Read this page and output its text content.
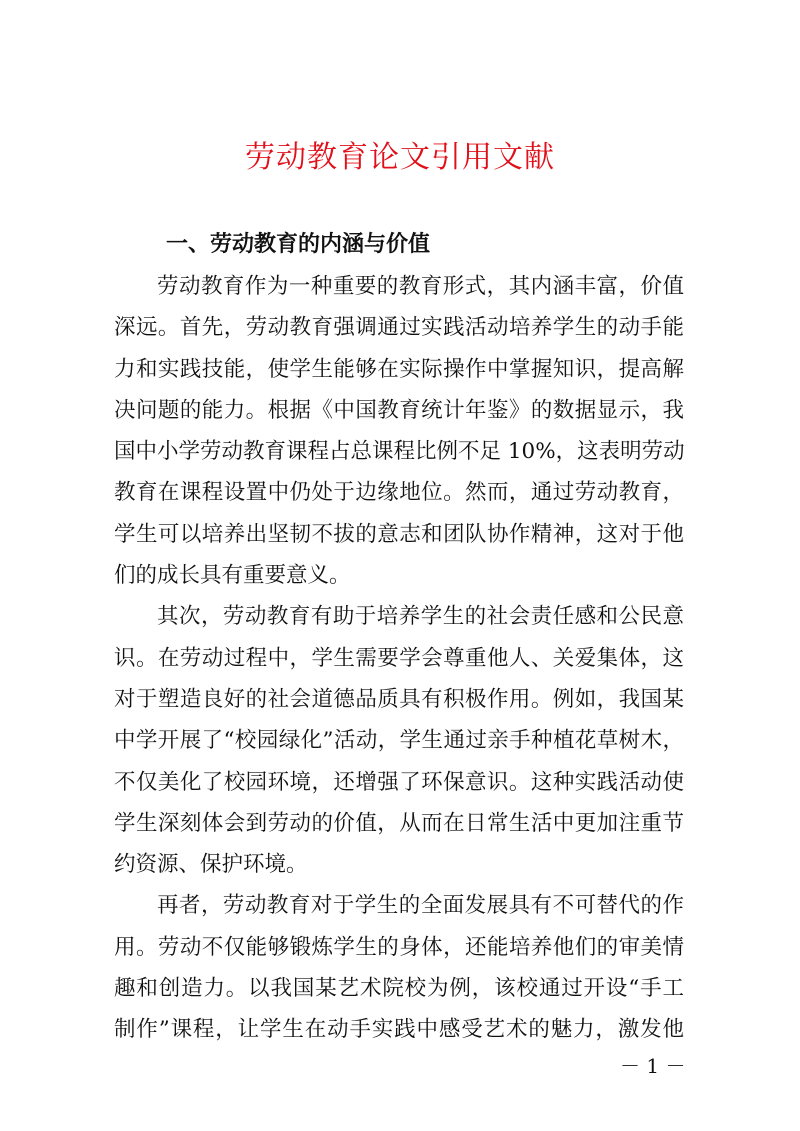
劳动教育论文引用文献
一、劳动教育的内涵与价值

劳动教育作为一种重要的教育形式，其内涵丰富，价值
深远。首先，劳动教育强调通过实践活动培养学生的动手能
力和实践技能，使学生能够在实际操作中掌握知识，提高解
决问题的能力。根据《中国教育统计年鉴》的数据显示，我
国中小学劳动教育课程占总课程比例不足 10%，这表明劳动
教育在课程设置中仍处于边缘地位。然而，通过劳动教育，
学生可以培养出坚韧不拔的意志和团队协作精神，这对于他
们的成长具有重要意义。

其次，劳动教育有助于培养学生的社会责任感和公民意
识。在劳动过程中，学生需要学会尊重他人、关爱集体，这
对于塑造良好的社会道德品质具有积极作用。例如，我国某
中学开展了“校园绿化”活动，学生通过亲手种植花草树木，
不仅美化了校园环境，还增强了环保意识。这种实践活动使
学生深刻体会到劳动的价值，从而在日常生活中更加注重节
约资源、保护环境。

再者，劳动教育对于学生的全面发展具有不可替代的作
用。劳动不仅能够锻炼学生的身体，还能培养他们的审美情
趣和创造力。以我国某艺术院校为例，该校通过开设“手工
制作”课程，让学生在动手实践中感受艺术的魅力，激发他

－ 1 －
